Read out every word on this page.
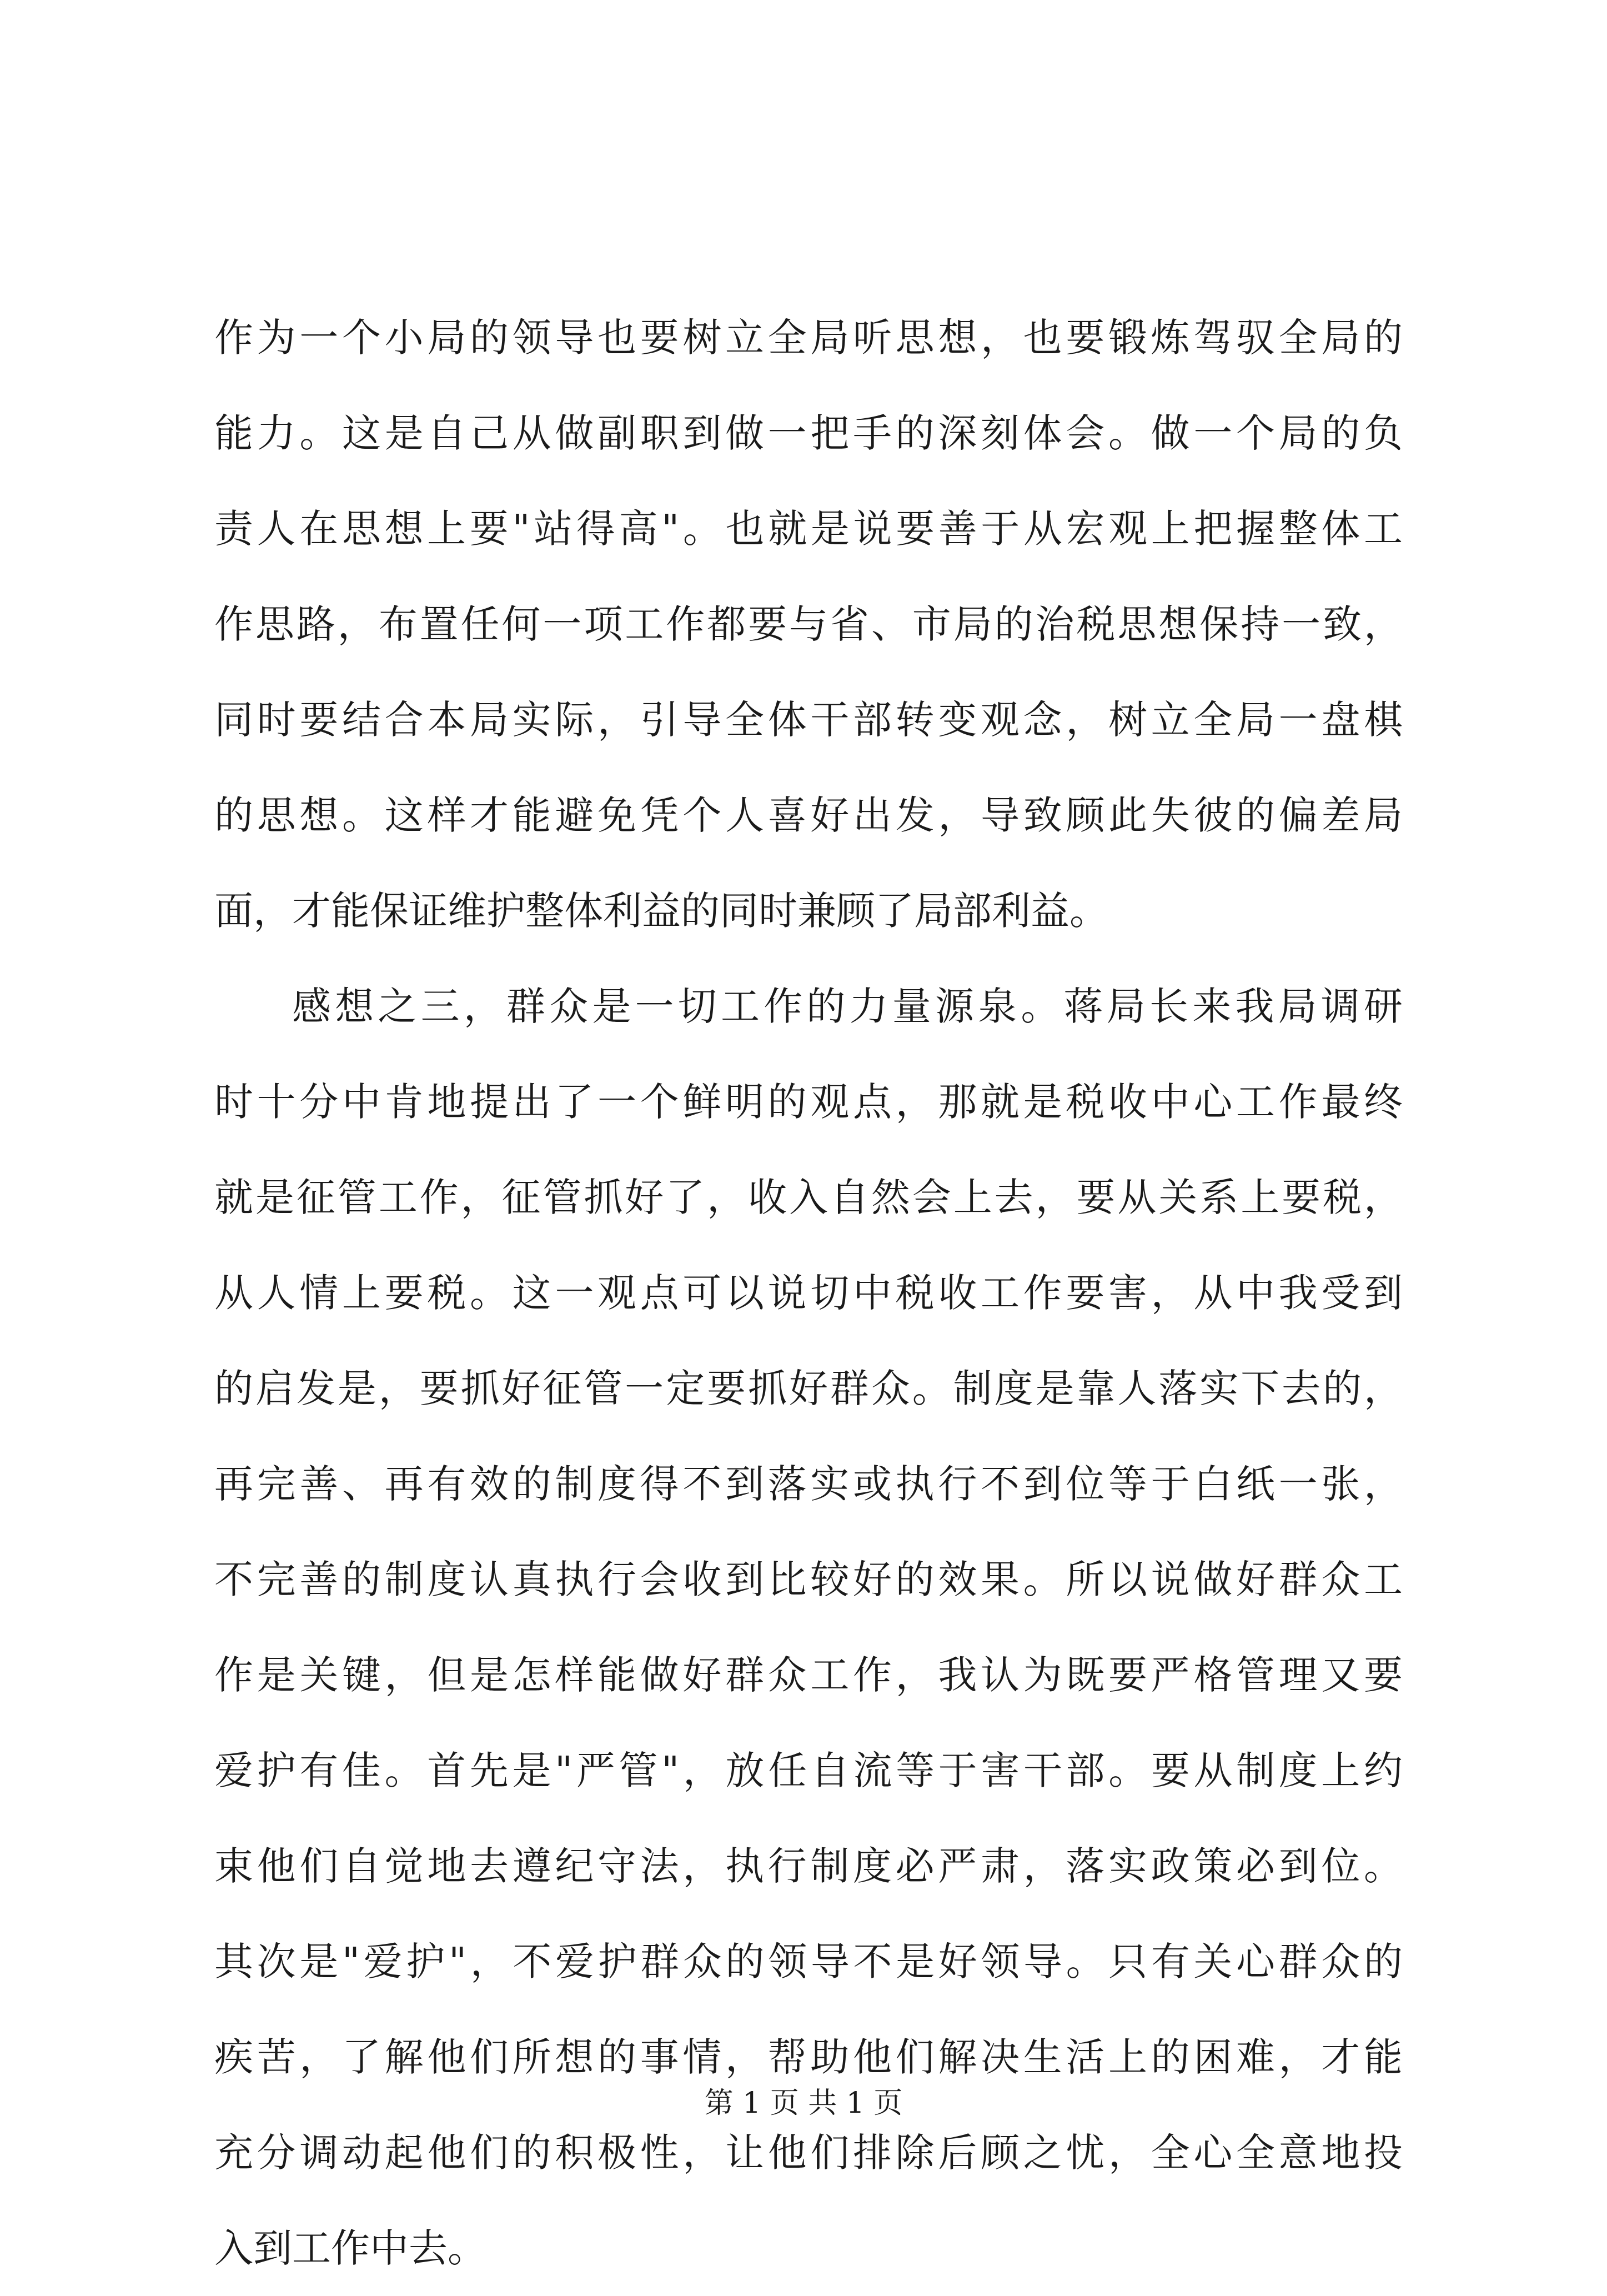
作为一个小局的领导也要树立全局听思想，也要锻炼驾驭全局的
能力。这是自己从做副职到做一把手的深刻体会。做一个局的负
责人在思想上要"站得高"。也就是说要善于从宏观上把握整体工
作思路，布置任何一项工作都要与省、市局的治税思想保持一致，
同时要结合本局实际，引导全体干部转变观念，树立全局一盘棋
的思想。这样才能避免凭个人喜好出发，导致顾此失彼的偏差局
面，才能保证维护整体利益的同时兼顾了局部利益。
感想之三，群众是一切工作的力量源泉。蒋局长来我局调研
时十分中肯地提出了一个鲜明的观点，那就是税收中心工作最终
就是征管工作，征管抓好了，收入自然会上去，要从关系上要税，
从人情上要税。这一观点可以说切中税收工作要害，从中我受到
的启发是，要抓好征管一定要抓好群众。制度是靠人落实下去的，
再完善、再有效的制度得不到落实或执行不到位等于白纸一张，
不完善的制度认真执行会收到比较好的效果。所以说做好群众工
作是关键，但是怎样能做好群众工作，我认为既要严格管理又要
爱护有佳。首先是"严管"，放任自流等于害干部。要从制度上约
束他们自觉地去遵纪守法，执行制度必严肃，落实政策必到位。
其次是"爱护"，不爱护群众的领导不是好领导。只有关心群众的
疾苦，了解他们所想的事情，帮助他们解决生活上的困难，才能
充分调动起他们的积极性，让他们排除后顾之忧，全心全意地投
入到工作中去。
第 1 页 共 1 页
